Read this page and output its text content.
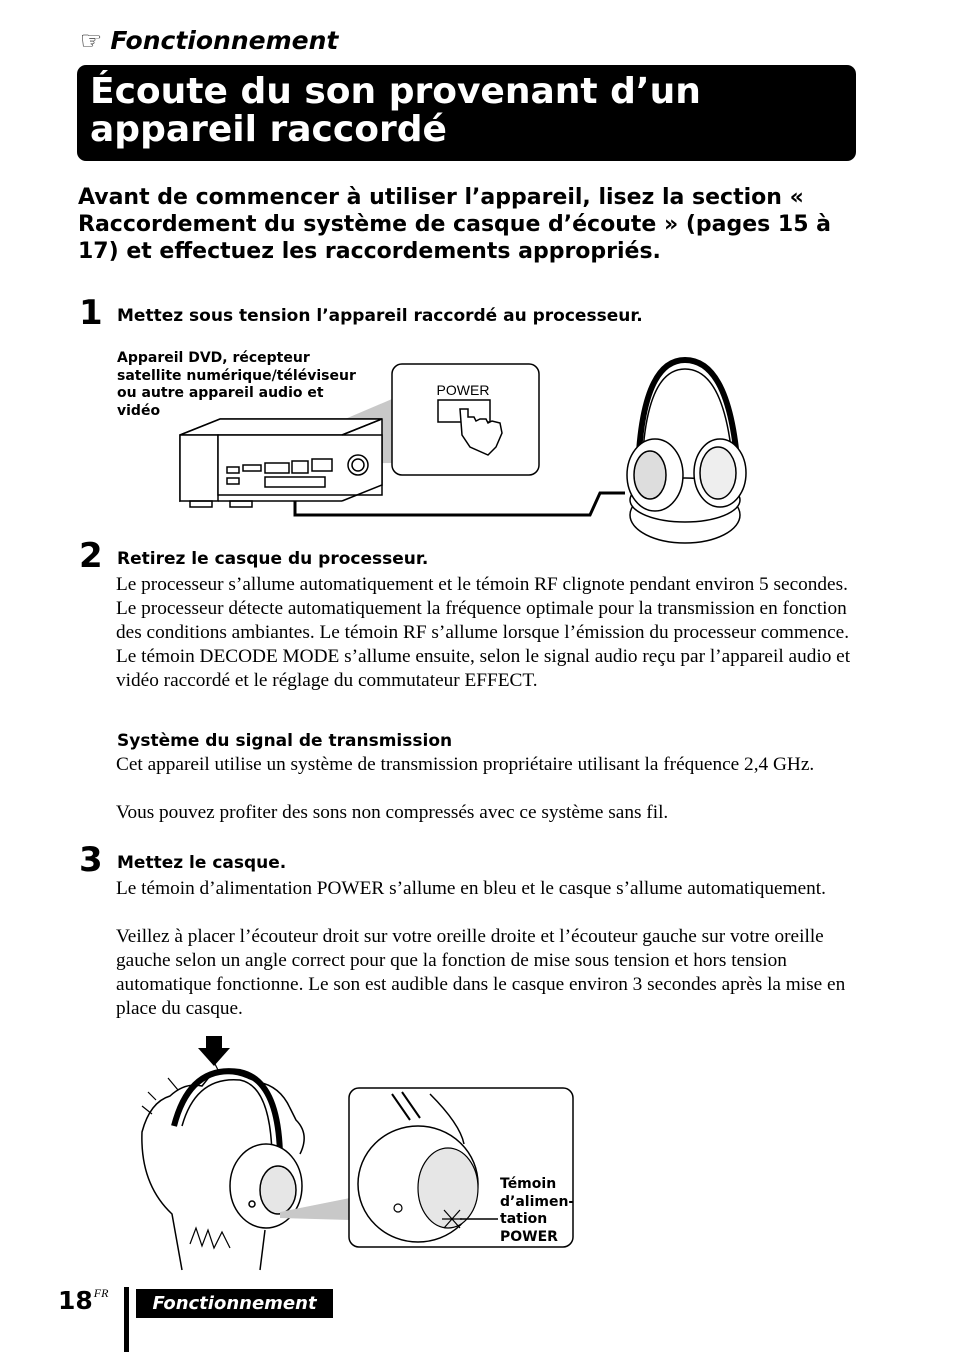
☞ Fonctionnement
Écoute du son provenant d’un appareil raccordé
Avant de commencer à utiliser l’appareil, lisez la section « Raccordement du système de casque d’écoute » (pages 15 à 17) et effectuez les raccordements appropriés.
1 Mettez sous tension l’appareil raccordé au processeur.
Appareil DVD, récepteur
satellite numérique/téléviseur
ou autre appareil audio et
vidéo
POWER
2 Retirez le casque du processeur.
Le processeur s’allume automatiquement et le témoin RF clignote pendant environ 5 secondes. Le processeur détecte automatiquement la fréquence optimale pour la transmission en fonction des conditions ambiantes. Le témoin RF s’allume lorsque l’émission du processeur commence. Le témoin DECODE MODE s’allume ensuite, selon le signal audio reçu par l’appareil audio et vidéo raccordé et le réglage du commutateur EFFECT.
Système du signal de transmission
Cet appareil utilise un système de transmission propriétaire utilisant la fréquence 2,4 GHz.
Vous pouvez profiter des sons non compressés avec ce système sans fil.
3 Mettez le casque.
Le témoin d’alimentation POWER s’allume en bleu et le casque s’allume automatiquement.
Veillez à placer l’écouteur droit sur votre oreille droite et l’écouteur gauche sur votre oreille gauche selon un angle correct pour que la fonction de mise sous tension et hors tension automatique fonctionne. Le son est audible dans le casque environ 3 secondes après la mise en place du casque.
Témoin
d’alimen-
tation
POWER
$18^{FR}$	Fonctionnement
